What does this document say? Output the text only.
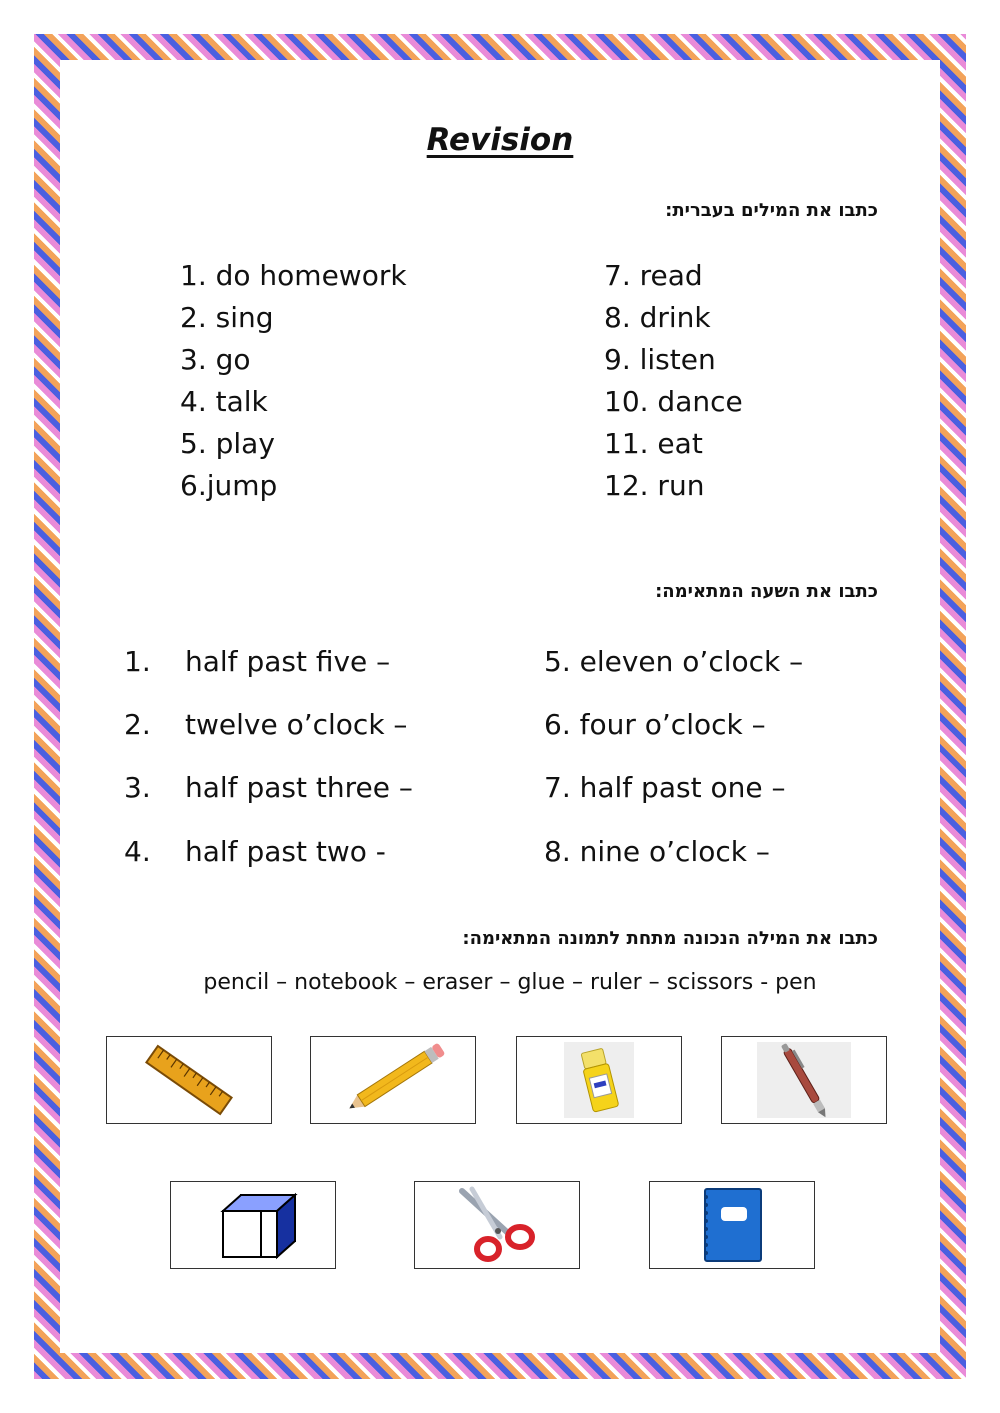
Revision
כתבו את המילים בעברית:
1. do homework
2. sing
3. go
4. talk
5. play
6.jump
7. read
8. drink
9. listen
10. dance
11. eat
12. run
כתבו את השעה המתאימה:
1. half past five –
2. twelve o’clock –
3. half past three –
4. half past two -
5. eleven o’clock –
6. four o’clock –
7. half past one –
8. nine o’clock –
כתבו את המילה הנכונה מתחת לתמונה המתאימה:
pencil – notebook – eraser – glue – ruler – scissors - pen
